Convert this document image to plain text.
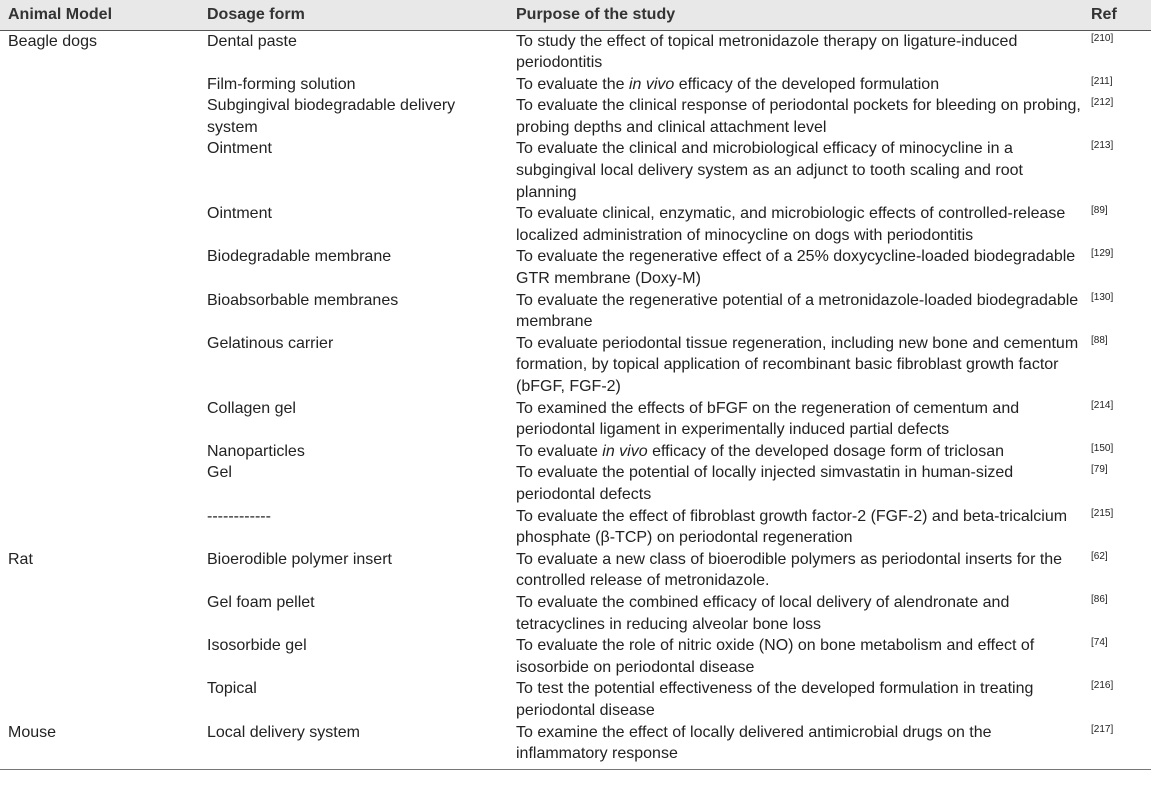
Animal Model	Dosage form	Purpose of the study	Ref
Beagle dogs	Dental paste	To study the effect of topical metronidazole therapy on ligature-induced periodontitis	[210]
	Film-forming solution	To evaluate the in vivo efficacy of the developed formulation	[211]
	Subgingival biodegradable delivery system	To evaluate the clinical response of periodontal pockets for bleeding on probing, probing depths and clinical attachment level	[212]
	Ointment	To evaluate the clinical and microbiological efficacy of minocycline in a subgingival local delivery system as an adjunct to tooth scaling and root planning	[213]
	Ointment	To evaluate clinical, enzymatic, and microbiologic effects of controlled-release localized administration of minocycline on dogs with periodontitis	[89]
	Biodegradable membrane	To evaluate the regenerative effect of a 25% doxycycline-loaded biodegradable GTR membrane (Doxy-M)	[129]
	Bioabsorbable membranes	To evaluate the regenerative potential of a metronidazole-loaded biodegradable membrane	[130]
	Gelatinous carrier	To evaluate periodontal tissue regeneration, including new bone and cementum formation, by topical application of recombinant basic fibroblast growth factor (bFGF, FGF-2)	[88]
	Collagen gel	To examined the effects of bFGF on the regeneration of cementum and periodontal ligament in experimentally induced partial defects	[214]
	Nanoparticles	To evaluate in vivo efficacy of the developed dosage form of triclosan	[150]
	Gel	To evaluate the potential of locally injected simvastatin in human-sized periodontal defects	[79]
	------------	To evaluate the effect of fibroblast growth factor-2 (FGF-2) and beta-tricalcium phosphate (β-TCP) on periodontal regeneration	[215]
Rat	Bioerodible polymer insert	To evaluate a new class of bioerodible polymers as periodontal inserts for the controlled release of metronidazole.	[62]
	Gel foam pellet	To evaluate the combined efficacy of local delivery of alendronate and tetracyclines in reducing alveolar bone loss	[86]
	Isosorbide gel	To evaluate the role of nitric oxide (NO) on bone metabolism and effect of isosorbide on periodontal disease	[74]
	Topical	To test the potential effectiveness of the developed formulation in treating periodontal disease	[216]
Mouse	Local delivery system	To examine the effect of locally delivered antimicrobial drugs on the inflammatory response	[217]
